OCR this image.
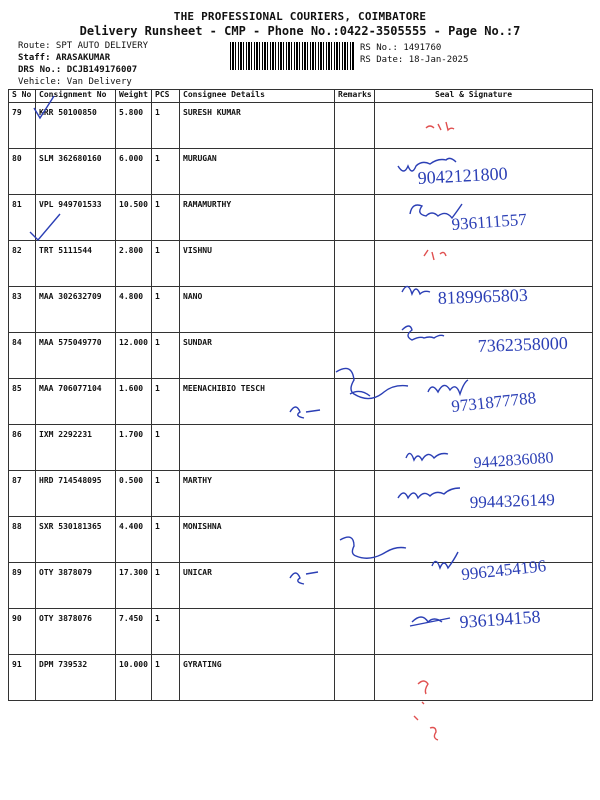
THE PROFESSIONAL COURIERS, COIMBATORE
Delivery Runsheet - CMP - Phone No.:0422-3505555 - Page No.:7
Route: SPT AUTO DELIVERY
Staff: ARASAKUMAR
DRS No.: DCJB149176007
Vehicle: Van Delivery
RS No.: 1491760
RS Date: 18-Jan-2025
S No	Consignment No	Weight	PCS	Consignee Details	Remarks	Seal & Signature
79	KRR 50100850	5.800	1	SURESH KUMAR		
80	SLM 362680160	6.000	1	MURUGAN		
81	VPL 949701533	10.500	1	RAMAMURTHY		
82	TRT 5111544	2.800	1	VISHNU		
83	MAA 302632709	4.800	1	NANO		
84	MAA 575049770	12.000	1	SUNDAR		
85	MAA 706077104	1.600	1	MEENACHIBIO TESCH		
86	IXM 2292231	1.700	1			
87	HRD 714548095	0.500	1	MARTHY		
88	SXR 530181365	4.400	1	MONISHNA		
89	OTY 3878079	17.300	1	UNICAR		
90	OTY 3878076	7.450	1			
91	DPM 739532	10.000	1	GYRATING		
9042121800
936111557
8189965803
7362358000
9731877788
9442836080
9944326149
9962454196
936194158
